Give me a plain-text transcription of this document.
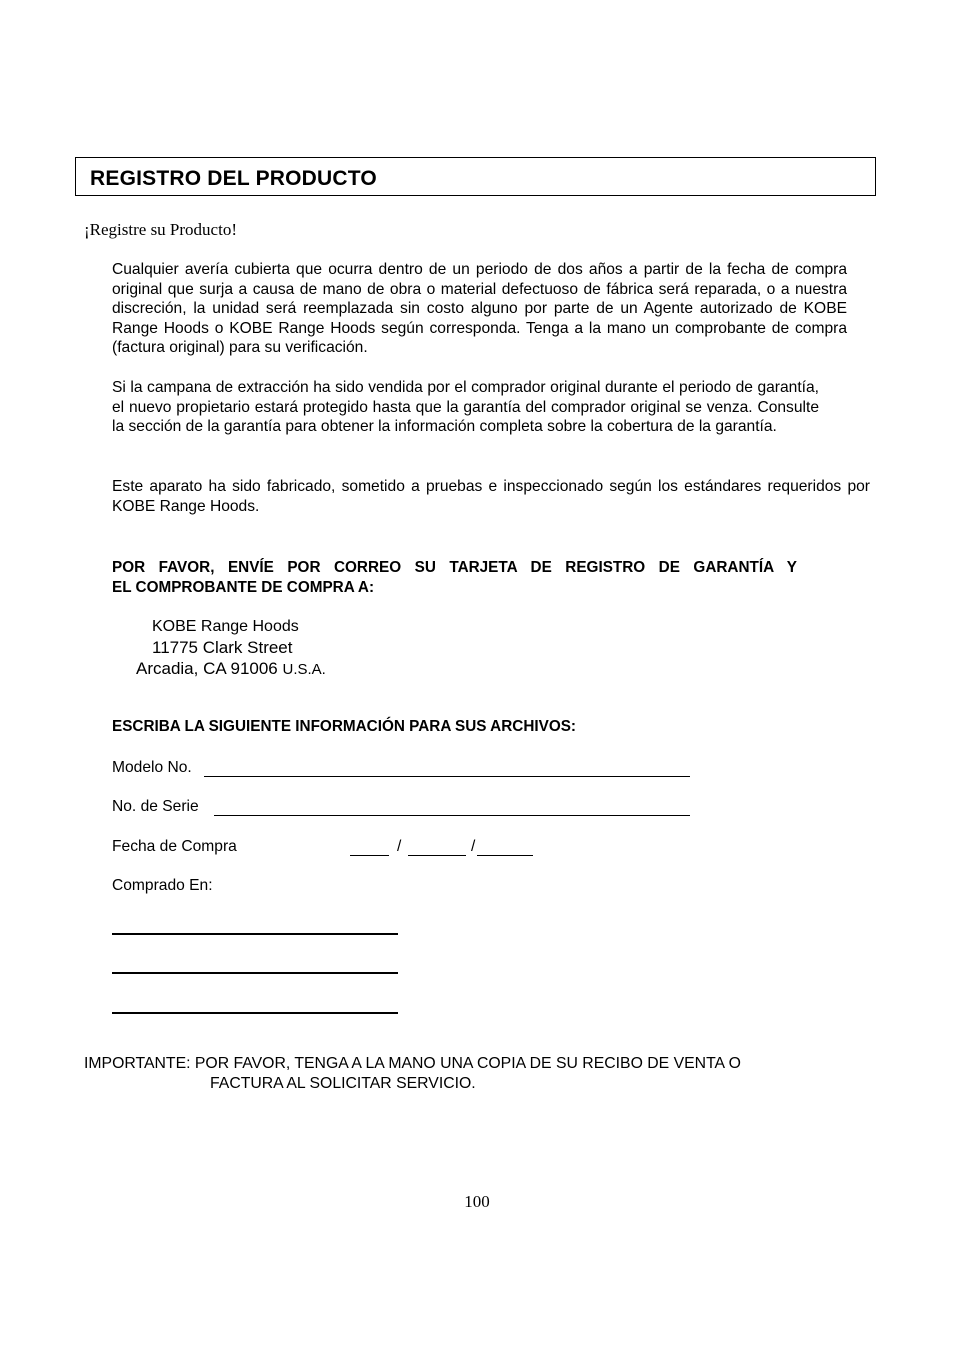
REGISTRO DEL PRODUCTO
¡Registre su Producto!
Cualquier avería cubierta que ocurra dentro de un periodo de dos años a partir de la fecha de compra original que surja a causa de mano de obra o material defectuoso de fábrica será reparada, o a nuestra discreción, la unidad será reemplazada sin costo alguno por parte de un Agente autorizado de KOBE Range Hoods o KOBE Range Hoods según corresponda. Tenga a la mano un comprobante de compra (factura original) para su verificación.
Si la campana de extracción ha sido vendida por el comprador original durante el periodo de garantía, el nuevo propietario estará protegido hasta que la garantía del comprador original se venza. Consulte la sección de la garantía para obtener la información completa sobre la cobertura de la garantía.
Este aparato ha sido fabricado, sometido a pruebas e inspeccionado según los estándares requeridos por KOBE Range Hoods.
POR FAVOR, ENVÍE POR CORREO SU TARJETA DE REGISTRO DE GARANTÍA Y
EL COMPROBANTE DE COMPRA A:
KOBE Range Hoods
11775 Clark Street
Arcadia, CA 91006 U.S.A.
ESCRIBA LA SIGUIENTE INFORMACIÓN PARA SUS ARCHIVOS:
Modelo No.
No. de Serie
Fecha de Compra	/	/
Comprado En:
IMPORTANTE: POR FAVOR, TENGA A LA MANO UNA COPIA DE SU RECIBO DE VENTA O
FACTURA AL SOLICITAR SERVICIO.
100
